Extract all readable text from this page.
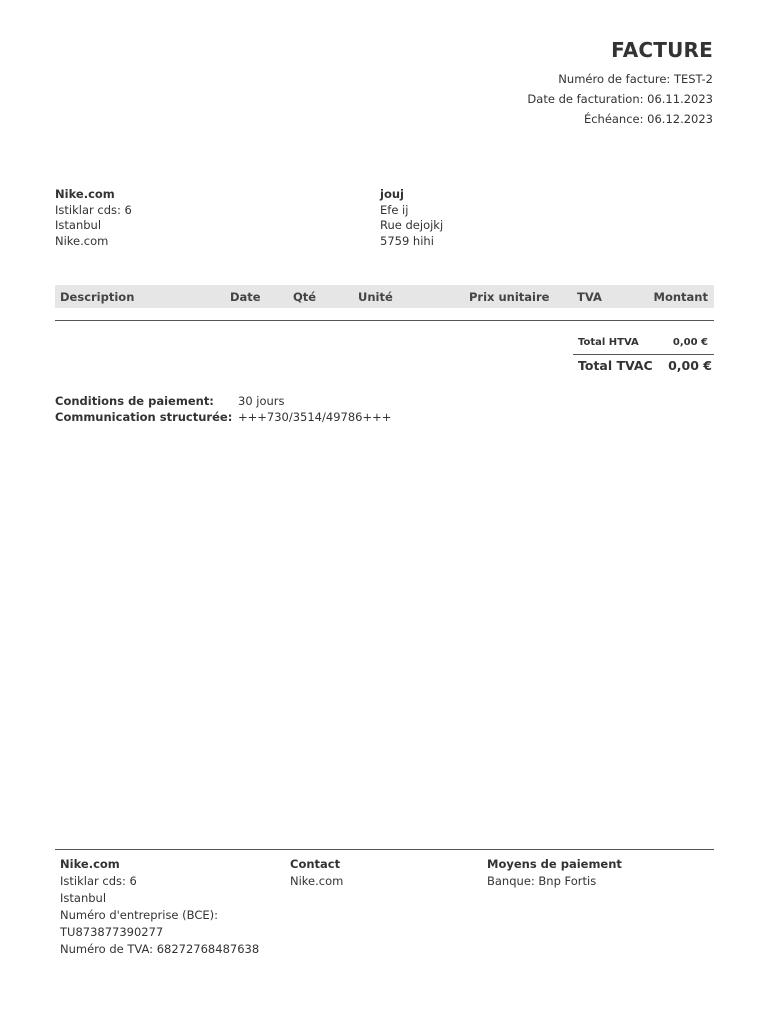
FACTURE
Numéro de facture: TEST-2
Date de facturation: 06.11.2023
Échéance: 06.12.2023
Nike.com
Istiklar cds: 6
Istanbul
Nike.com
jouj
Efe ij
Rue dejojkj
5759 hihi
Description	Date	Qté	Unité	Prix unitaire TVA	Montant
Total HTVA	0,00 €
Total TVAC 0,00 €
Conditions de paiement: 30 jours
Communication structurée: +++730/3514/49786+++
Nike.com
Istiklar cds: 6
Istanbul
Numéro d'entreprise (BCE):
TU873877390277
Numéro de TVA: 68272768487638
Contact
Nike.com
Moyens de paiement
Banque: Bnp Fortis
